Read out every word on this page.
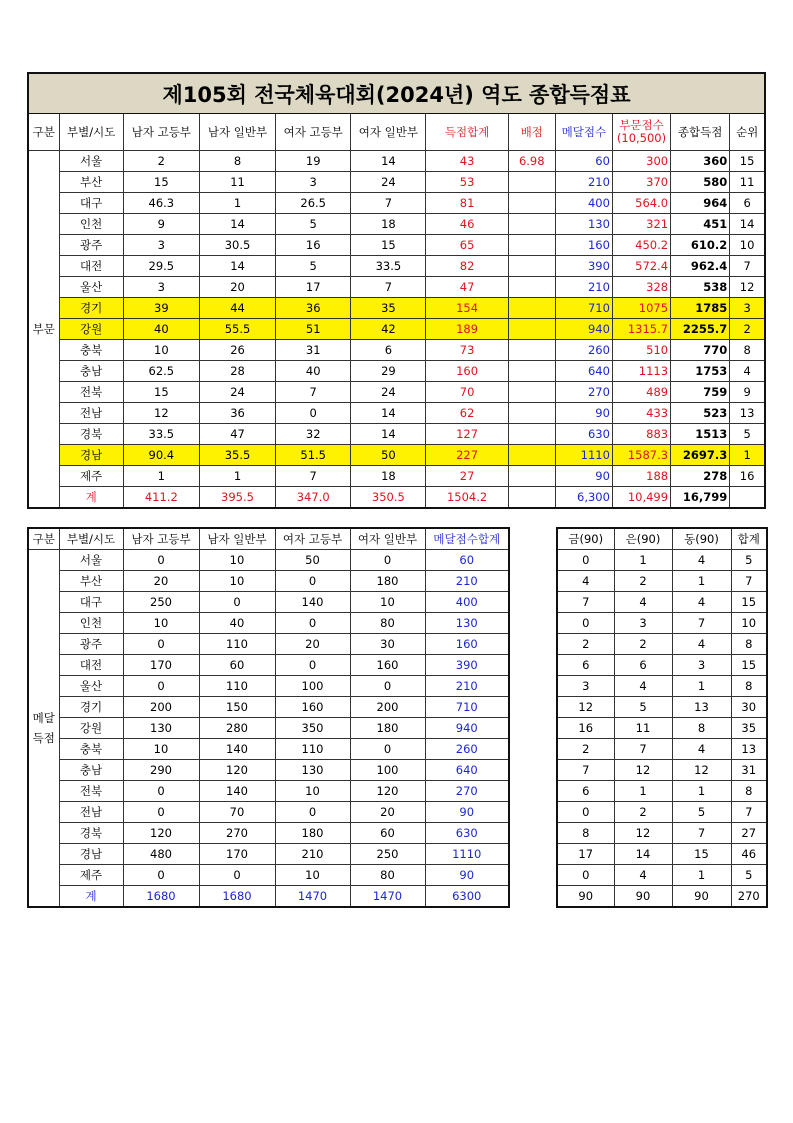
제105회 전국체육대회(2024년) 역도 종합득점표											
구분	부별/시도	남자 고등부	남자 일반부	여자 고등부	여자 일반부	득점합계	배점	메달점수	부문점수
(10,500)	종합득점	순위
부문	서울	2	8	19	14	43	6.98	60	300	360	15
	부산	15	11	3	24	53		210	370	580	11
	대구	46.3	1	26.5	7	81		400	564.0	964	6
	인천	9	14	5	18	46		130	321	451	14
	광주	3	30.5	16	15	65		160	450.2	610.2	10
	대전	29.5	14	5	33.5	82		390	572.4	962.4	7
	울산	3	20	17	7	47		210	328	538	12
	경기	39	44	36	35	154		710	1075	1785	3
	강원	40	55.5	51	42	189		940	1315.7	2255.7	2
	충북	10	26	31	6	73		260	510	770	8
	충남	62.5	28	40	29	160		640	1113	1753	4
	전북	15	24	7	24	70		270	489	759	9
	전남	12	36	0	14	62		90	433	523	13
	경북	33.5	47	32	14	127		630	883	1513	5
	경남	90.4	35.5	51.5	50	227		1110	1587.3	2697.3	1
	제주	1	1	7	18	27		90	188	278	16
	계	411.2	395.5	347.0	350.5	1504.2		6,300	10,499	16,799	
구분	부별/시도	남자 고등부	남자 일반부	여자 고등부	여자 일반부	메달점수합계
메달
득점	서울	0	10	50	0	60
	부산	20	10	0	180	210
	대구	250	0	140	10	400
	인천	10	40	0	80	130
	광주	0	110	20	30	160
	대전	170	60	0	160	390
	울산	0	110	100	0	210
	경기	200	150	160	200	710
	강원	130	280	350	180	940
	충북	10	140	110	0	260
	충남	290	120	130	100	640
	전북	0	140	10	120	270
	전남	0	70	0	20	90
	경북	120	270	180	60	630
	경남	480	170	210	250	1110
	제주	0	0	10	80	90
	계	1680	1680	1470	1470	6300
금(90)	은(90)	동(90)	합계
0	1	4	5
4	2	1	7
7	4	4	15
0	3	7	10
2	2	4	8
6	6	3	15
3	4	1	8
12	5	13	30
16	11	8	35
2	7	4	13
7	12	12	31
6	1	1	8
0	2	5	7
8	12	7	27
17	14	15	46
0	4	1	5
90	90	90	270
